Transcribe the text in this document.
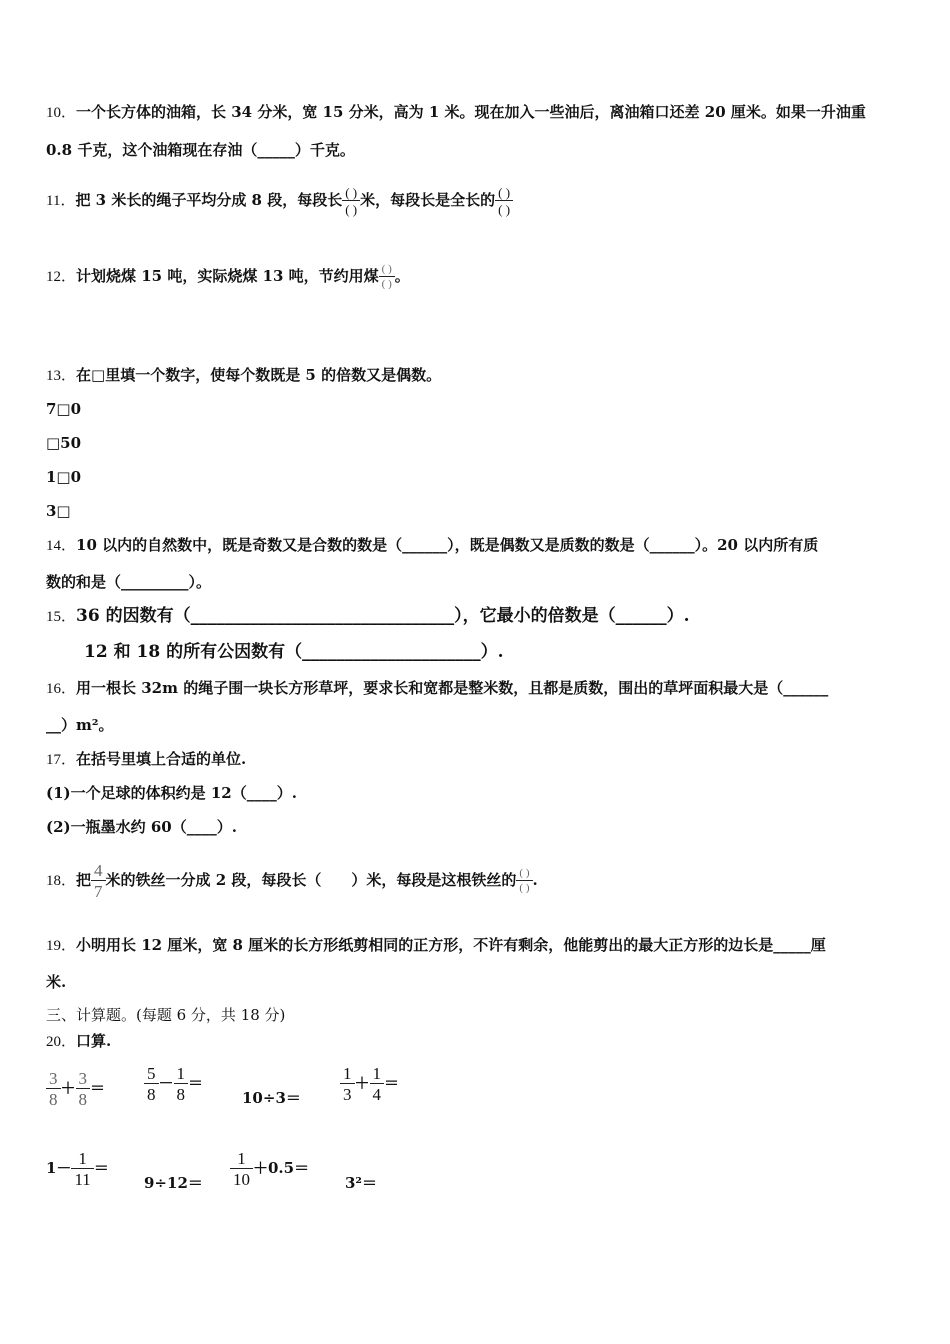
10．一个长方体的油箱，长 34 分米，宽 15 分米，高为 1 米。现在加入一些油后，离油箱口还差 20 厘米。如果一升油重
0.8 千克，这个油箱现在存油（_____）千克。
11．把 3 米长的绳子平均分成 8 段，每段长 $\frac{( )}{( )}$ 米，每段长是全长的 $\frac{( )}{( )}$
12．计划烧煤 15 吨，实际烧煤 13 吨，节约用煤 $\frac{( )}{( )}$ 。
13．在□里填一个数字，使每个数既是 5 的倍数又是偶数。
7□0
□50
1□0
3□
14．10 以内的自然数中，既是奇数又是合数的数是（______），既是偶数又是质数的数是（______）。20 以内所有质
数的和是（_________）。
15．36 的因数有（_______________________________），它最小的倍数是（______）.
12 和 18 的所有公因数有（_____________________）.
16．用一根长 32m 的绳子围一块长方形草坪，要求长和宽都是整米数，且都是质数，围出的草坪面积最大是（______
__）m²。
17．在括号里填上合适的单位.
(1)一个足球的体积约是 12（____）.
(2)一瓶墨水约 60（____）.
18．把 $\frac{4}{7}$ 米的铁丝一分成 2 段，每段长（　　）米，每段是这根铁丝的 $\frac{( )}{( )}$ .
19．小明用长 12 厘米，宽 8 厘米的长方形纸剪相同的正方形，不许有剩余，他能剪出的最大正方形的边长是_____厘
米.
三、计算题。(每题 6 分，共 18 分)
20．口算.
$\frac{3}{8} + \frac{3}{8} = \frac{5}{8} - \frac{1}{8}$ ＝
$10\div 3= \frac{1}{3} + \frac{1}{4}$ ＝
$1- \frac{1}{11}$ ＝
$9\div 12= \frac{1}{10} +0.5=$
3²＝
